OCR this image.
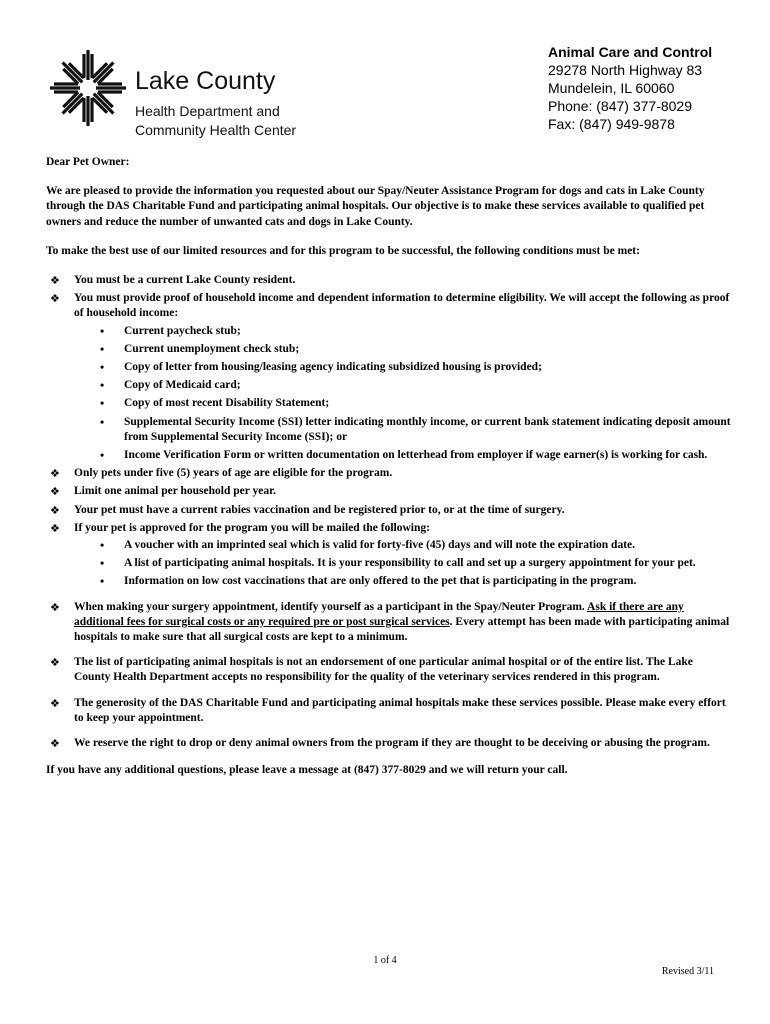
Lake County
Health Department and
Community Health Center
Animal Care and Control
29278 North Highway 83
Mundelein, IL 60060
Phone: (847) 377-8029
Fax: (847) 949-9878

Dear Pet Owner:

We are pleased to provide the information you requested about our Spay/Neuter Assistance Program for dogs and cats in Lake County through the DAS Charitable Fund and participating animal hospitals. Our objective is to make these services available to qualified pet owners and reduce the number of unwanted cats and dogs in Lake County.

To make the best use of our limited resources and for this program to be successful, the following conditions must be met:

❖ You must be a current Lake County resident.
❖ You must provide proof of household income and dependent information to determine eligibility. We will accept the following as proof of household income:
• Current paycheck stub;
• Current unemployment check stub;
• Copy of letter from housing/leasing agency indicating subsidized housing is provided;
• Copy of Medicaid card;
• Copy of most recent Disability Statement;
• Supplemental Security Income (SSI) letter indicating monthly income, or current bank statement indicating deposit amount from Supplemental Security Income (SSI); or
• Income Verification Form or written documentation on letterhead from employer if wage earner(s) is working for cash.
❖ Only pets under five (5) years of age are eligible for the program.
❖ Limit one animal per household per year.
❖ Your pet must have a current rabies vaccination and be registered prior to, or at the time of surgery.
❖ If your pet is approved for the program you will be mailed the following:
• A voucher with an imprinted seal which is valid for forty-five (45) days and will note the expiration date.
• A list of participating animal hospitals. It is your responsibility to call and set up a surgery appointment for your pet.
• Information on low cost vaccinations that are only offered to the pet that is participating in the program.
❖ When making your surgery appointment, identify yourself as a participant in the Spay/Neuter Program. Ask if there are any additional fees for surgical costs or any required pre or post surgical services. Every attempt has been made with participating animal hospitals to make sure that all surgical costs are kept to a minimum.
❖ The list of participating animal hospitals is not an endorsement of one particular animal hospital or of the entire list. The Lake County Health Department accepts no responsibility for the quality of the veterinary services rendered in this program.
❖ The generosity of the DAS Charitable Fund and participating animal hospitals make these services possible. Please make every effort to keep your appointment.
❖ We reserve the right to drop or deny animal owners from the program if they are thought to be deceiving or abusing the program.

If you have any additional questions, please leave a message at (847) 377-8029 and we will return your call.

1 of 4
Revised 3/11
